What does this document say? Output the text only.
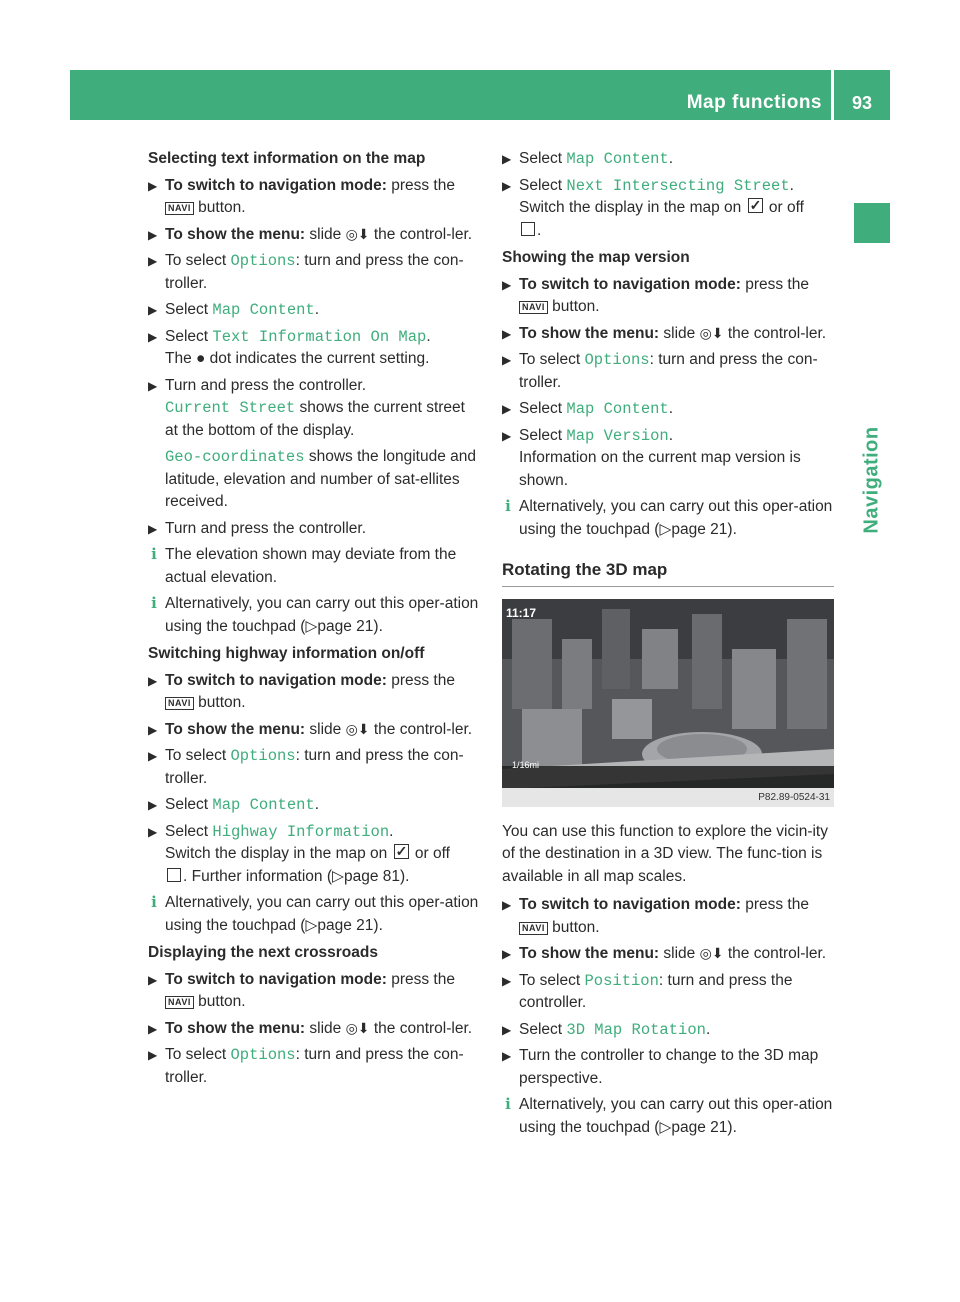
Map functions	93
Navigation
Selecting text information on the map
▶ To switch to navigation mode: press the NAVI button.
▶ To show the menu: slide ◎⬇ the control-ler.
▶ To select Options: turn and press the con-troller.
▶ Select Map Content.
▶ Select Text Information On Map.
The ● dot indicates the current setting.
▶ Turn and press the controller.
Current Street shows the current street at the bottom of the display.
Geo-coordinates shows the longitude and latitude, elevation and number of sat-ellites received.
▶ Turn and press the controller.
i The elevation shown may deviate from the actual elevation.
i Alternatively, you can carry out this oper-ation using the touchpad (▷page 21).
Switching highway information on/off
▶ To switch to navigation mode: press the NAVI button.
▶ To show the menu: slide ◎⬇ the control-ler.
▶ To select Options: turn and press the con-troller.
▶ Select Map Content.
▶ Select Highway Information.
Switch the display in the map on ✓ or off
. Further information (▷page 81).
i Alternatively, you can carry out this oper-ation using the touchpad (▷page 21).
Displaying the next crossroads
▶ To switch to navigation mode: press the NAVI button.
▶ To show the menu: slide ◎⬇ the control-ler.
▶ To select Options: turn and press the con-troller.
▶ Select Map Content.
▶ Select Next Intersecting Street.
Switch the display in the map on ✓ or off
.
Showing the map version
▶ To switch to navigation mode: press the NAVI button.
▶ To show the menu: slide ◎⬇ the control-ler.
▶ To select Options: turn and press the con-troller.
▶ Select Map Content.
▶ Select Map Version.
Information on the current map version is shown.
i Alternatively, you can carry out this oper-ation using the touchpad (▷page 21).
Rotating the 3D map
11:17
1/16mi
P82.89-0524-31
You can use this function to explore the vicin-ity of the destination in a 3D view. The func-tion is available in all map scales.
▶ To switch to navigation mode: press the NAVI button.
▶ To show the menu: slide ◎⬇ the control-ler.
▶ To select Position: turn and press the controller.
▶ Select 3D Map Rotation.
▶ Turn the controller to change to the 3D map perspective.
i Alternatively, you can carry out this oper-ation using the touchpad (▷page 21).
